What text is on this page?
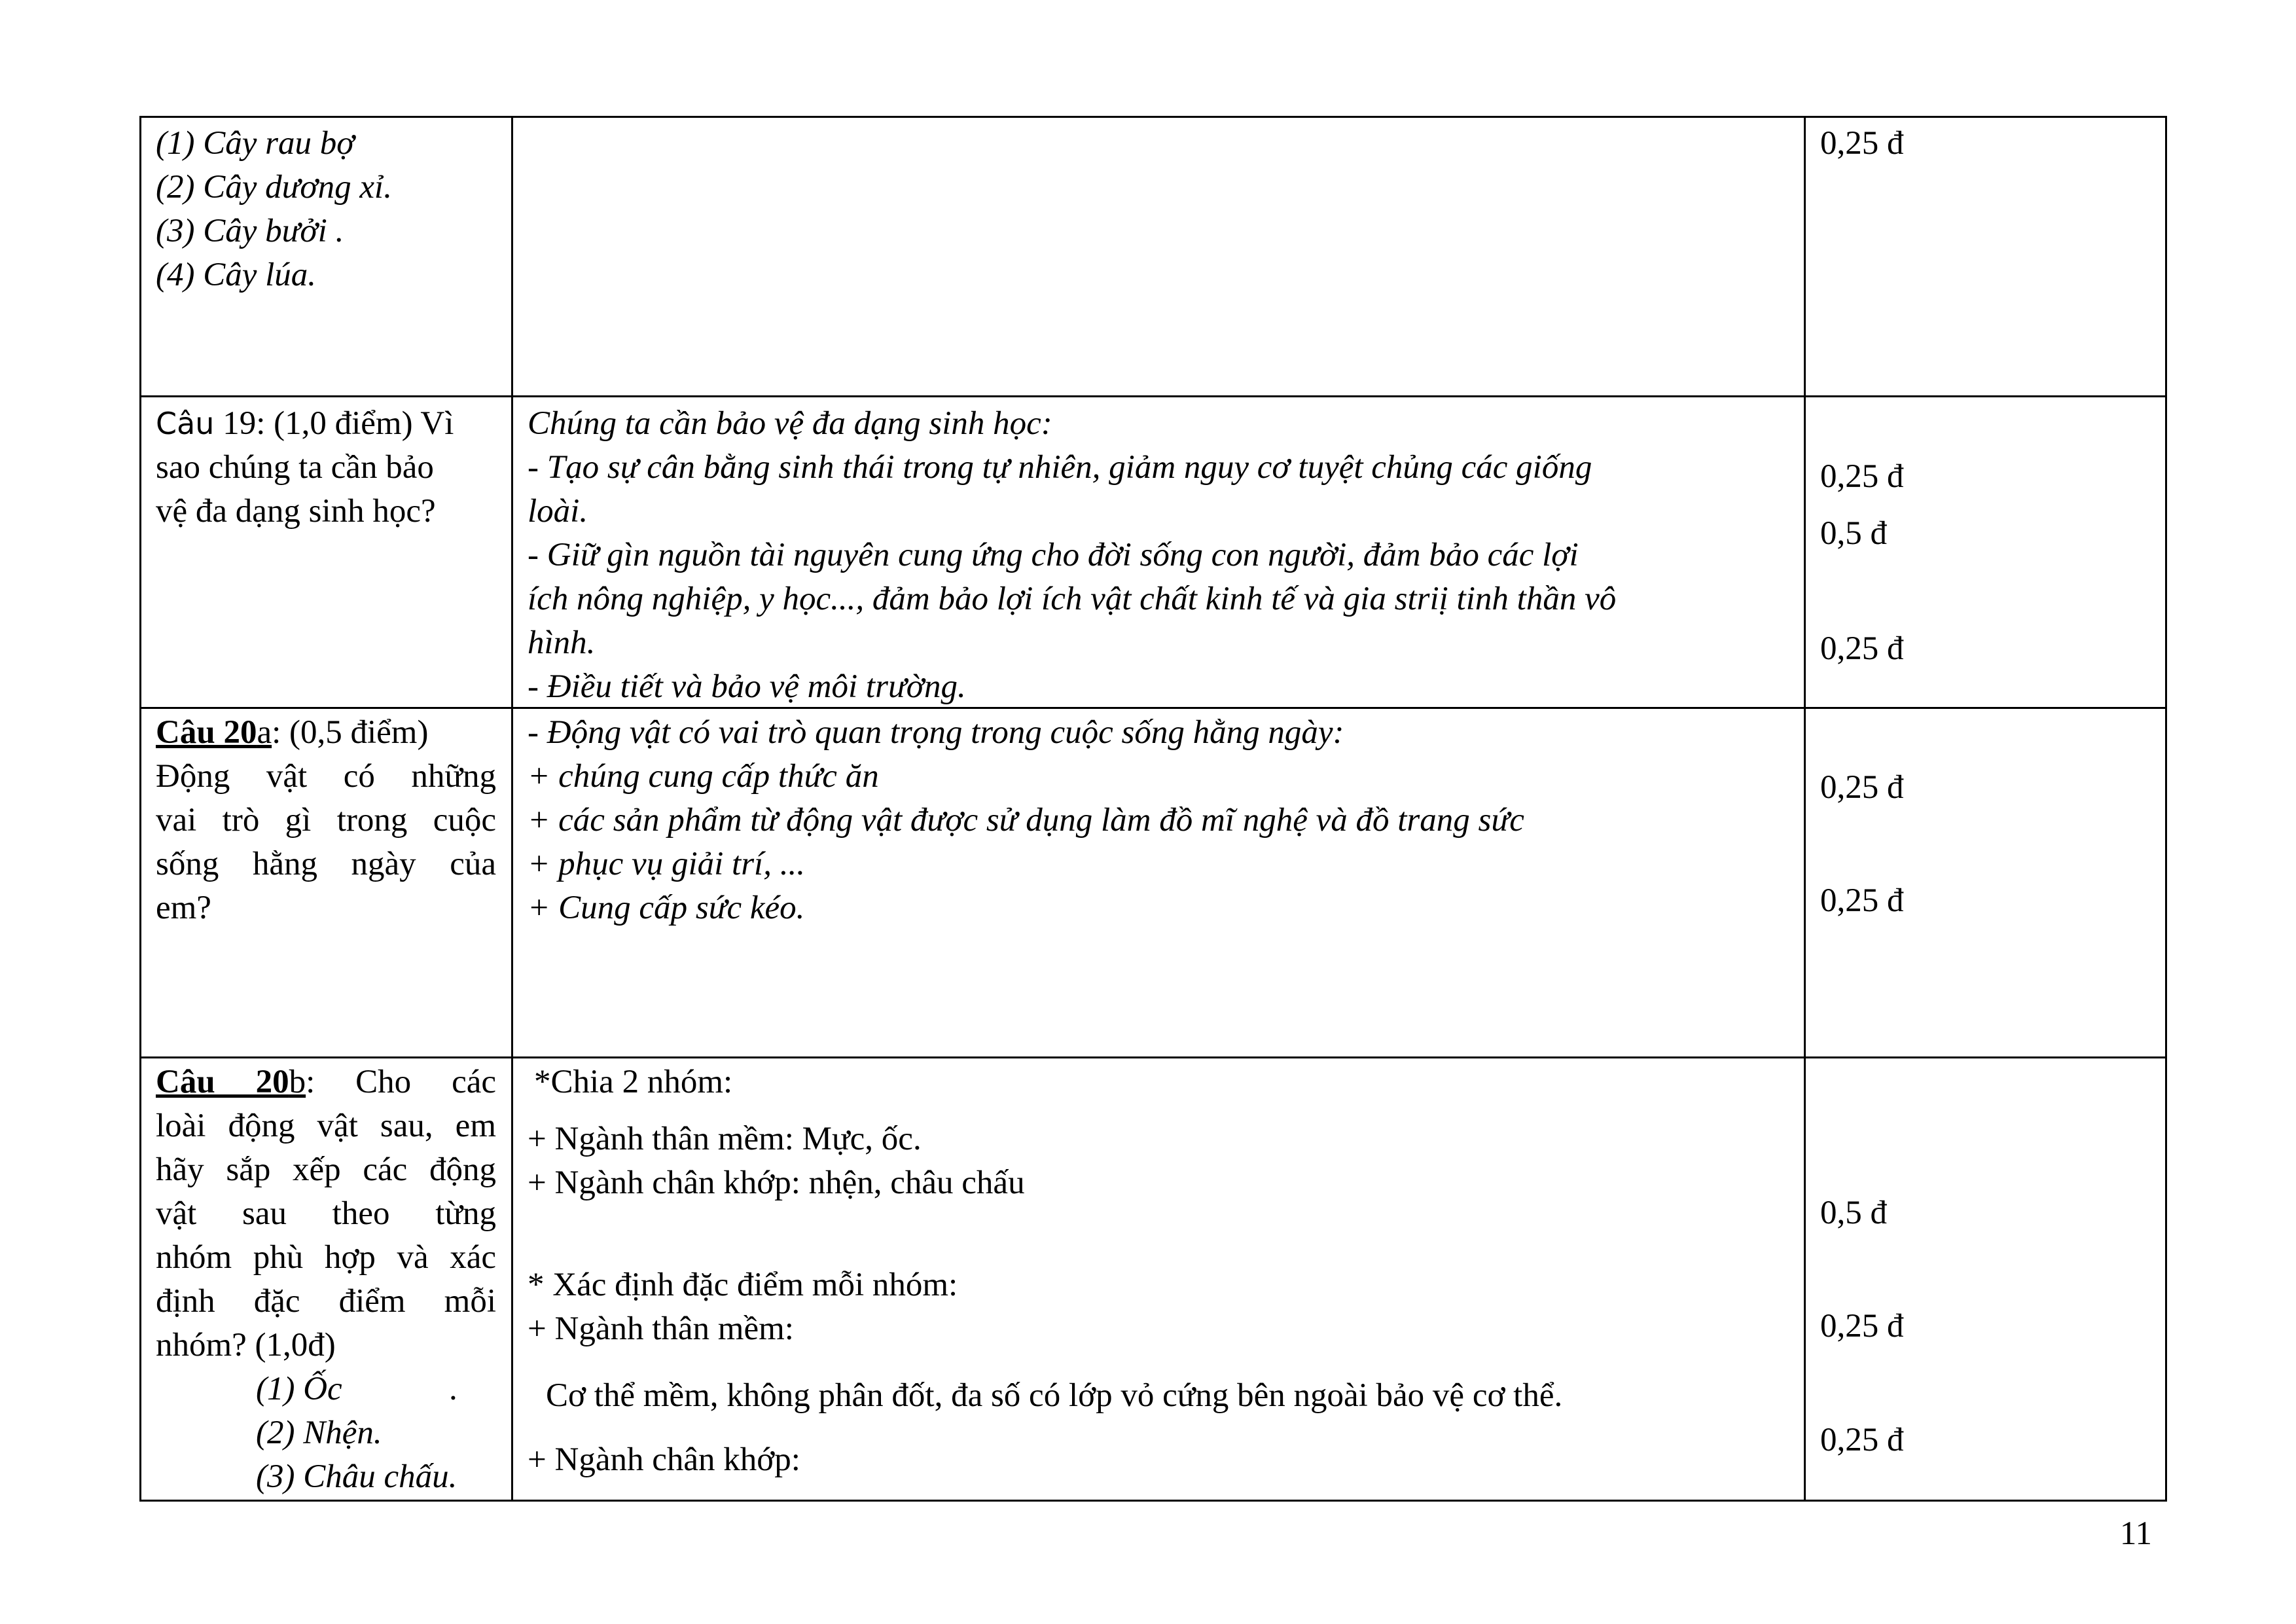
(1) Cây rau bợ
(2) Cây dương xỉ.
(3) Cây bưởi .
(4) Cây lúa.
0,25 đ
Câu 19: (1,0 điểm) Vì
sao chúng ta cần bảo
vệ đa dạng sinh học?
Chúng ta cần bảo vệ đa dạng sinh học:
- Tạo sự cân bằng sinh thái trong tự nhiên, giảm nguy cơ tuyệt chủng các giống
loài.
- Giữ gìn nguồn tài nguyên cung ứng cho đời sống con người, đảm bảo các lợi
ích nông nghiệp, y học..., đảm bảo lợi ích vật chất kinh tế và gia striị tinh thần vô
hình.
- Điều tiết và bảo vệ môi trường.
0,25 đ
0,5 đ
0,25 đ
Câu 20a: (0,5 điểm)
Động vật có những
vai trò gì trong cuộc
sống hằng ngày của
em?
- Động vật có vai trò quan trọng trong cuộc sống hằng ngày:
+ chúng cung cấp thức ăn
+ các sản phẩm từ động vật được sử dụng làm đồ mĩ nghệ và đồ trang sức
+ phục vụ giải trí, ...
+ Cung cấp sức kéo.
0,25 đ
0,25 đ
Câu 20b: Cho các
loài động vật sau, em
hãy sắp xếp các động
vật sau theo từng
nhóm phù hợp và xác
định đặc điểm mỗi
nhóm? (1,0đ)
(1) Ốc	.
(2) Nhện.
(3) Châu chấu.
*Chia 2 nhóm:
+ Ngành thân mềm: Mực, ốc.
+ Ngành chân khớp: nhện, châu chấu
* Xác định đặc điểm mỗi nhóm:
+ Ngành thân mềm:
Cơ thể mềm, không phân đốt, đa số có lớp vỏ cứng bên ngoài bảo vệ cơ thể.
+ Ngành chân khớp:
0,5 đ
0,25 đ
0,25 đ
11
